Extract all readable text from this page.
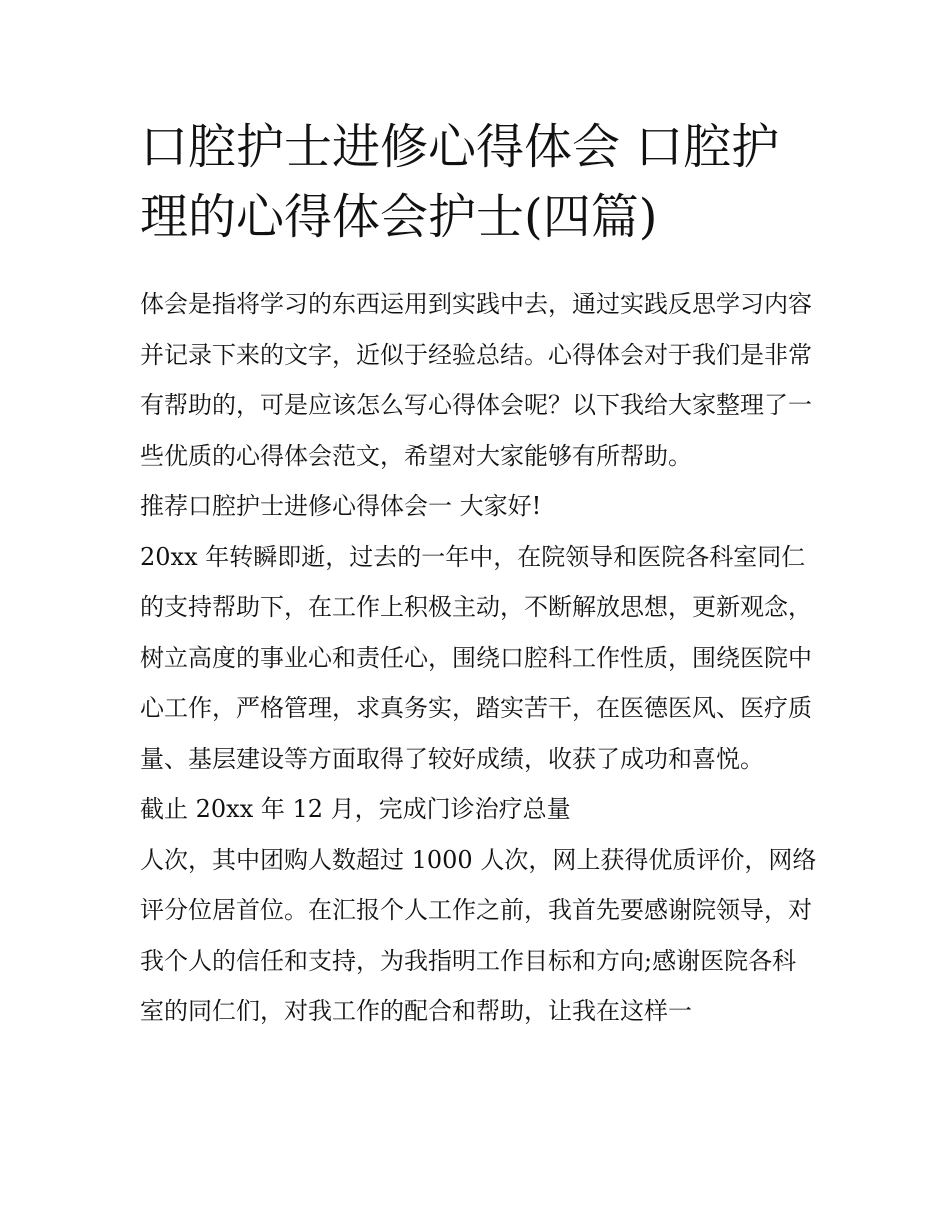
口腔护士进修心得体会 口腔护理的心得体会护士(四篇)

体会是指将学习的东西运用到实践中去，通过实践反思学习内容并记录下来的文字，近似于经验总结。心得体会对于我们是非常有帮助的，可是应该怎么写心得体会呢？以下我给大家整理了一些优质的心得体会范文，希望对大家能够有所帮助。

推荐口腔护士进修心得体会一 大家好!

20xx 年转瞬即逝，过去的一年中，在院领导和医院各科室同仁的支持帮助下，在工作上积极主动，不断解放思想，更新观念，树立高度的事业心和责任心，围绕口腔科工作性质，围绕医院中心工作，严格管理，求真务实，踏实苦干，在医德医风、医疗质量、基层建设等方面取得了较好成绩，收获了成功和喜悦。

截止 20xx 年 12 月，完成门诊治疗总量

人次，其中团购人数超过 1000 人次，网上获得优质评价，网络评分位居首位。在汇报个人工作之前，我首先要感谢院领导，对我个人的信任和支持，为我指明工作目标和方向;感谢医院各科室的同仁们，对我工作的配合和帮助，让我在这样一
